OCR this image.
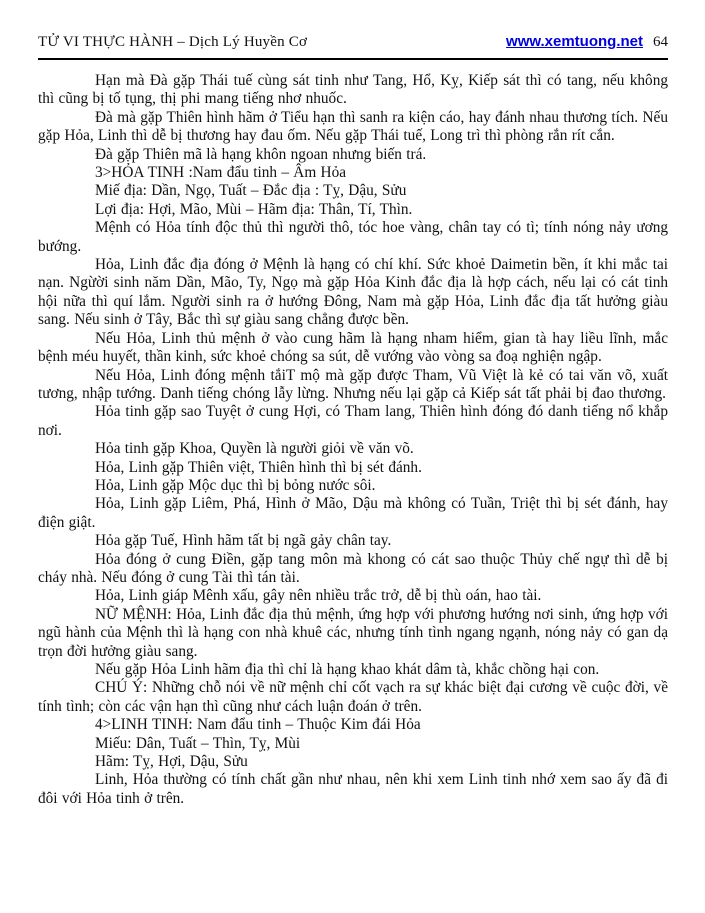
TỬ VI THỰC HÀNH – Dịch Lý Huyền Cơ	www.xemtuong.net 64

Hạn mà Đà gặp Thái tuế cùng sát tinh như Tang, Hổ, Kỵ, Kiếp sát thì có tang, nếu không thì cũng bị tố tụng, thị phi mang tiếng nhơ nhuốc.

Đà mà gặp Thiên hình hãm ở Tiểu hạn thì sanh ra kiện cáo, hay đánh nhau thương tích. Nếu gặp Hỏa, Linh thì dễ bị thương hay đau ốm. Nếu gặp Thái tuế, Long trì thì phòng rắn rít cắn.

Đà gặp Thiên mã là hạng khôn ngoan nhưng biến trá.

3>HỎA TINH :Nam đẩu tinh – Âm Hỏa

Miế địa: Dần, Ngọ, Tuất – Đắc địa : Tỵ, Dậu, Sửu

Lợi địa: Hợi, Mão, Mùi – Hãm địa: Thân, Tí, Thìn.

Mệnh có Hỏa tính độc thủ thì người thô, tóc hoe vàng, chân tay có tì; tính nóng nảy ương bướng.

Hỏa, Linh đắc địa đóng ở Mệnh là hạng có chí khí. Sức khoẻ Daimetin bền, ít khi mắc tai nạn. Ngừời sinh năm Dần, Mão, Ty, Ngọ mà gặp Hỏa Kinh đắc địa là hợp cách, nếu lại có cát tinh hội nữa thì quí lắm. Người sinh ra ở hướng Đông, Nam mà gặp Hỏa, Linh đắc địa tất hưởng giàu sang. Nếu sinh ở Tây, Bắc thì sự giàu sang chẳng được bền.

Nếu Hỏa, Linh thủ mệnh ở vào cung hãm là hạng nham hiểm, gian tà hay liều lĩnh, mắc bệnh méu huyết, thần kinh, sức khoẻ chóng sa sút, dễ vướng vào vòng sa đoạ nghiện ngập.

Nếu Hỏa, Linh đóng mệnh tắiT mộ mà gặp được Tham, Vũ Việt là kẻ có tai văn võ, xuất tương, nhập tướng. Danh tiếng chóng lẫy lừng. Nhưng nếu lại gặp cả Kiếp sát tất phải bị đao thương.

Hỏa tinh gặp sao Tuyệt ở cung Hợi, có Tham lang, Thiên hình đóng đó danh tiếng nổ khắp nơi.

Hỏa tinh gặp Khoa, Quyền là người giỏi về văn võ.

Hỏa, Linh gặp Thiên việt, Thiên hình thì bị sét đánh.

Hỏa, Linh gặp Mộc dục thì bị bỏng nước sôi.

Hỏa, Linh gặp Liêm, Phá, Hình ở Mão, Dậu mà không có Tuần, Triệt thì bị sét đánh, hay điện giật.

Hỏa gặp Tuế, Hình hãm tất bị ngã gảy chân tay.

Hỏa đóng ở cung Điền, gặp tang môn mà khong có cát sao thuộc Thủy chế ngự thì dễ bị cháy nhà. Nếu đóng ở cung Tài thì tán tài.

Hỏa, Linh giáp Mênh xấu, gây nên nhiều trắc trở, dễ bị thù oán, hao tài.

NỮ MỆNH: Hỏa, Linh đắc địa thủ mệnh, ứng hợp với phương hướng nơi sinh, ứng hợp với ngũ hành của Mệnh thì là hạng con nhà khuê các, nhưng tính tình ngang ngạnh, nóng nảy có gan dạ trọn đời hưởng giàu sang.

Nếu gặp Hỏa Linh hãm địa thì chỉ là hạng khao khát dâm tà, khắc chồng hại con.

CHÚ Ý: Những chỗ nói về nữ mệnh chỉ cốt vạch ra sự khác biệt đại cương về cuộc đời, về tính tình; còn các vận hạn thì cũng như cách luận đoán ở trên.

4>LINH TINH: Nam đẩu tinh – Thuộc Kim đái Hỏa

Miếu: Dân, Tuất – Thìn, Tỵ, Mùi

Hãm: Tỵ, Hợi, Dậu, Sửu

Linh, Hỏa thường có tính chất gần như nhau, nên khi xem Linh tinh nhớ xem sao ấy đã đi đôi với Hỏa tinh ở trên.
